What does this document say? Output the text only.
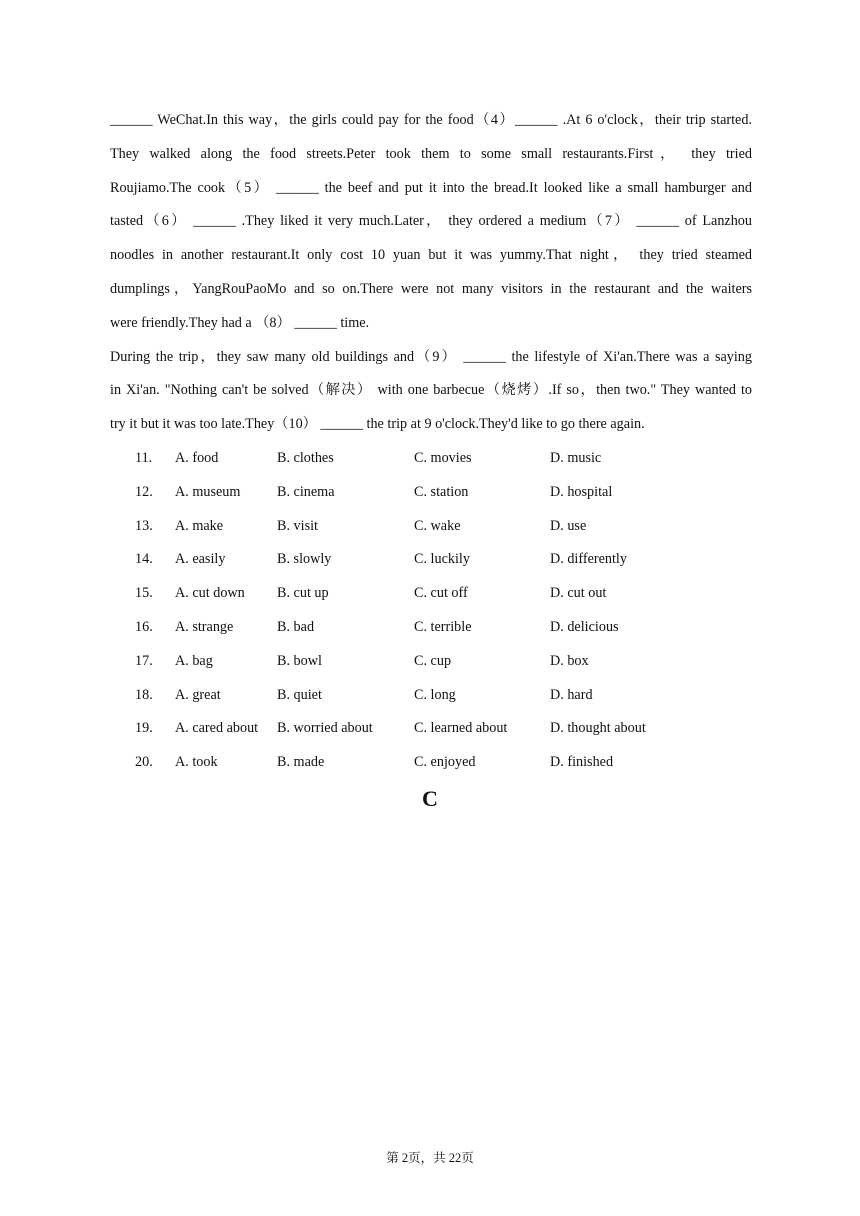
______ WeChat.In this way，the girls could pay for the food（4）______ .At 6 o'clock，their trip started.
They walked along the food streets.Peter took them to some small restaurants.First， they tried
Roujiamo.The cook（5） ______ the beef and put it into the bread.It looked like a small hamburger and
tasted（6） ______ .They liked it very much.Later， they ordered a medium（7） ______ of Lanzhou
noodles in another restaurant.It only cost 10 yuan but it was yummy.That night， they tried steamed
dumplings，YangRouPaoMo and so on.There were not many visitors in the restaurant and the waiters
were friendly.They had a （8） ______ time.
During the trip，they saw many old buildings and（9） ______ the lifestyle of Xi'an.There was a saying
in Xi'an. "Nothing can't be solved（解决） with one barbecue（烧烤）.If so，then two." They wanted to
try it but it was too late.They（10） ______ the trip at 9 o'clock.They'd like to go there again.
11. A. food	B. clothes	C. movies	D. music
12. A. museum	B. cinema	C. station	D. hospital
13. A. make	B. visit	C. wake	D. use
14. A. easily	B. slowly	C. luckily	D. differently
15. A. cut down B. cut up	C. cut off	D. cut out
16. A. strange	B. bad	C. terrible	D. delicious
17. A. bag	B. bowl	C. cup	D. box
18. A. great	B. quiet	C. long	D. hard
19. A. cared about B. worried about	C. learned about	D. thought about
20. A. took	B. made	C. enjoyed	D. finished
C
第 2页，共 22页
